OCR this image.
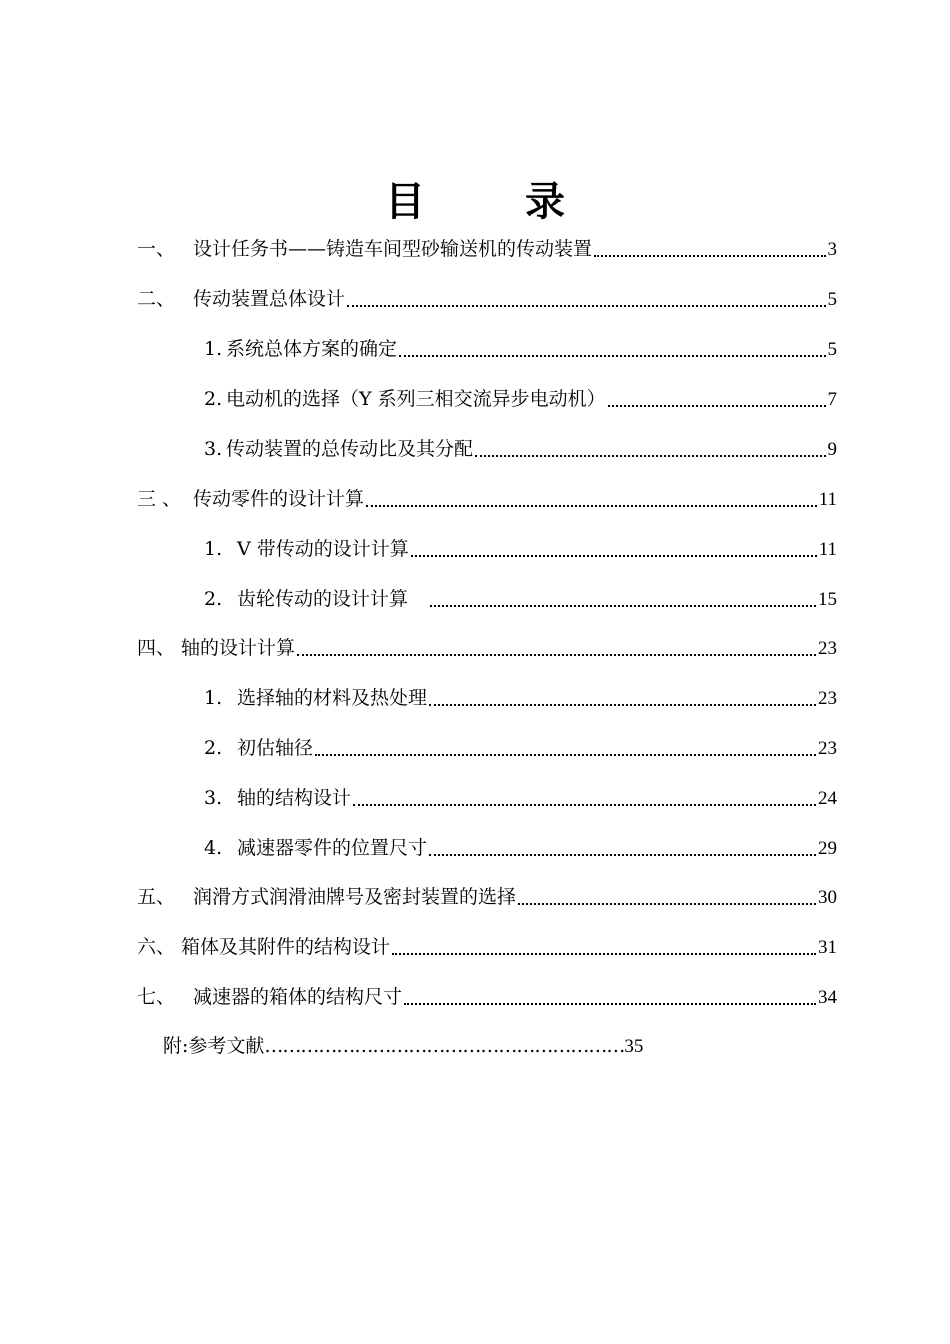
目	录
一、 设计任务书——铸造车间型砂输送机的传动装置	3
二、 传动装置总体设计	5
1. 系统总体方案的确定	5
2. 电动机的选择（Y 系列三相交流异步电动机）	7
3. 传动装置的总传动比及其分配	9
三 、 传动零件的设计计算	11
1. V 带传动的设计计算	11
2. 齿轮传动的设计计算	15
四、 轴的设计计算	23
1. 选择轴的材料及热处理	23
2. 初估轴径	23
3. 轴的结构设计	24
4. 减速器零件的位置尺寸	29
五、 润滑方式润滑油牌号及密封装置的选择	30
六、 箱体及其附件的结构设计	31
七、 减速器的箱体的结构尺寸	34
附:参考文献……………………………………………………35
